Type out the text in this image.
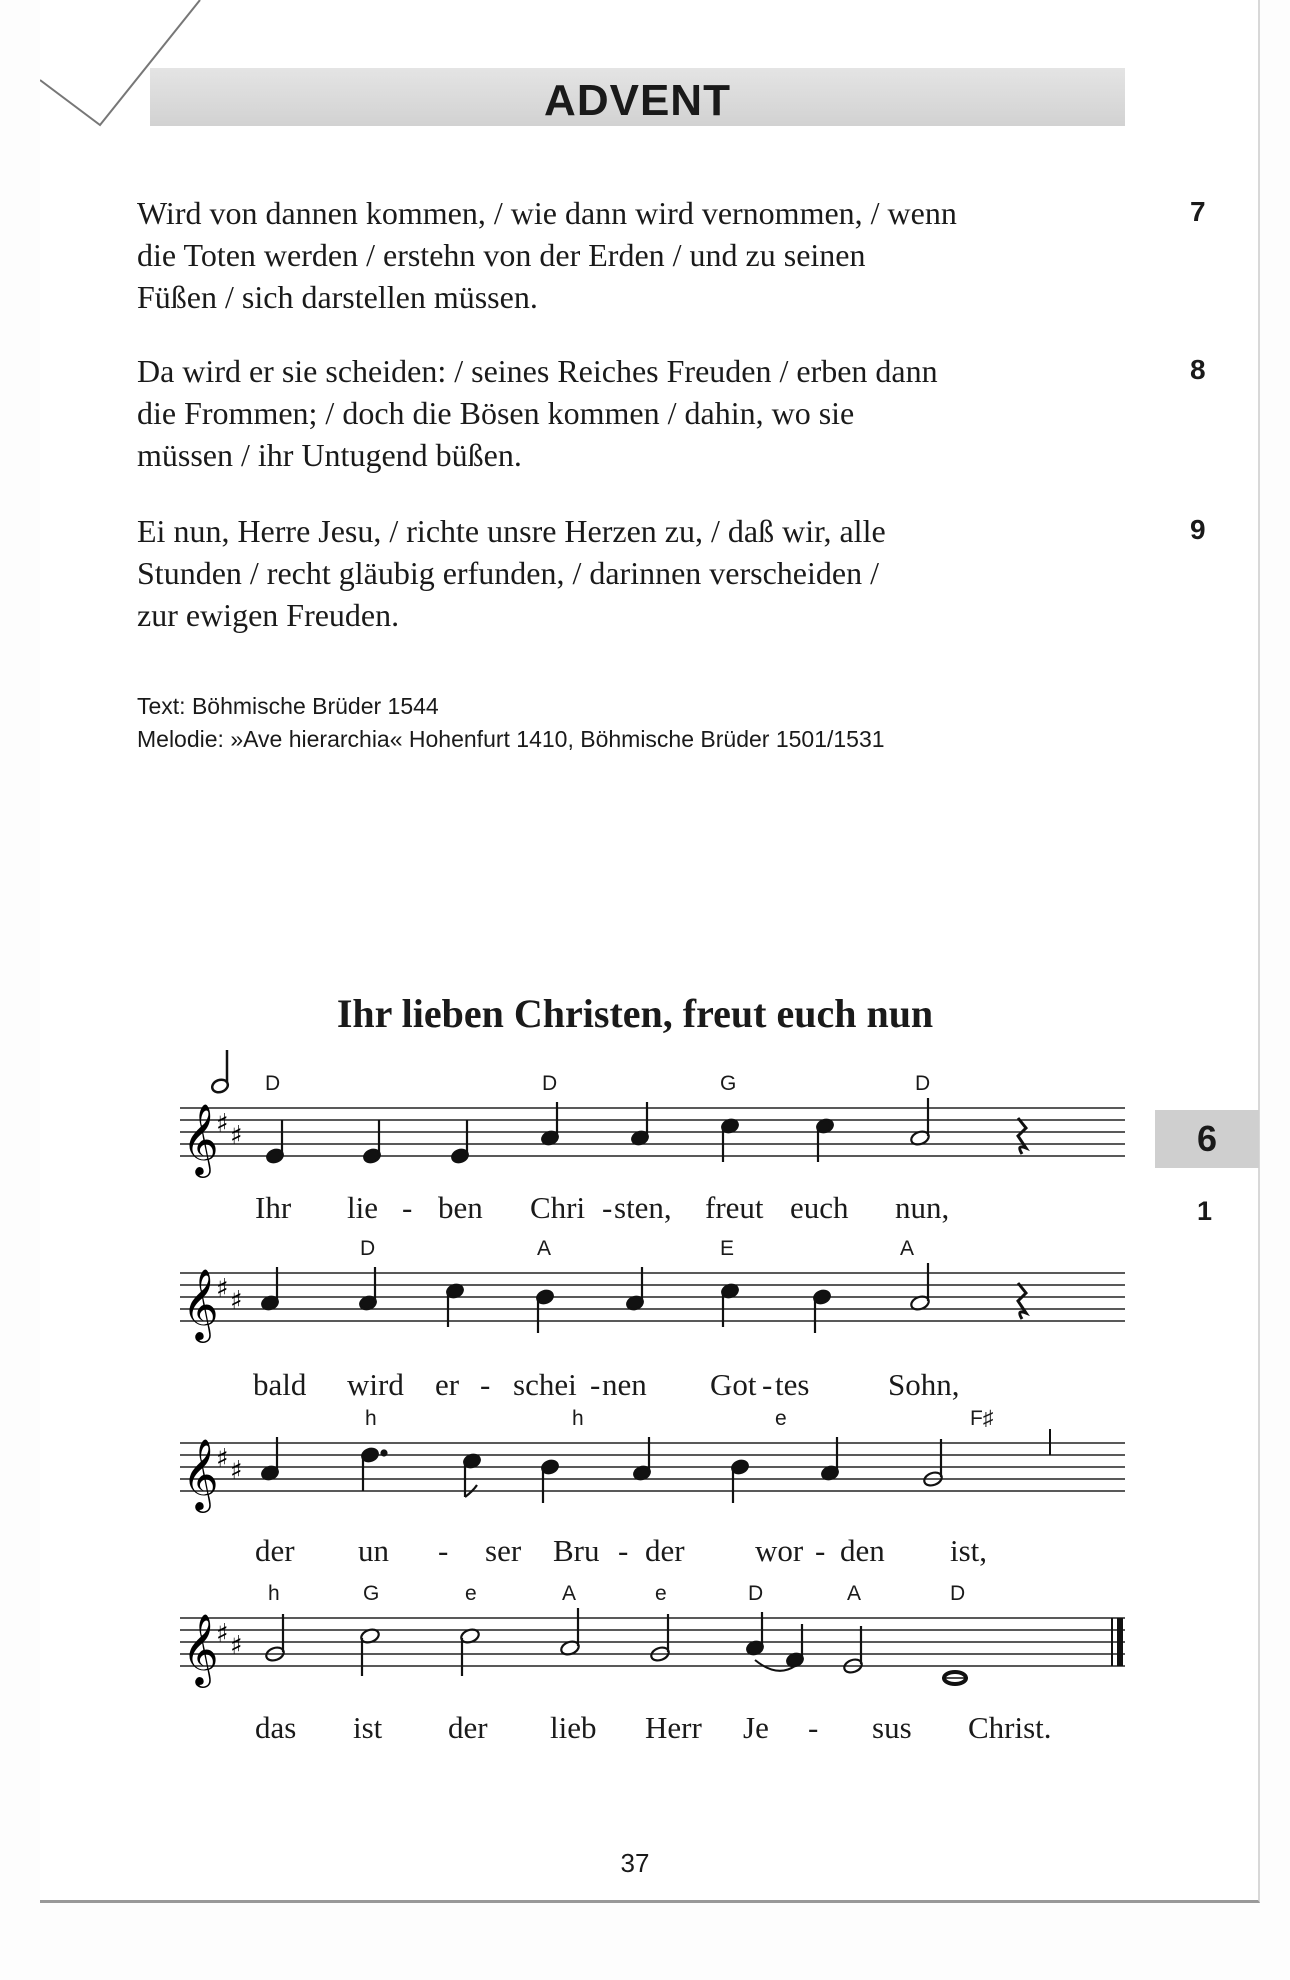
ADVENT
Wird von dannen kommen, / wie dann wird vernommen, / wenn
die Toten werden / erstehn von der Erden / und zu seinen
Füßen / sich darstellen müssen.
7
Da wird er sie scheiden: / seines Reiches Freuden / erben dann
die Frommen; / doch die Bösen kommen / dahin, wo sie
müssen / ihr Untugend büßen.
8
Ei nun, Herre Jesu, / richte unsre Herzen zu, / daß wir, alle
Stunden / recht gläubig erfunden, / darinnen verscheiden /
zur ewigen Freuden.
9
Text: Böhmische Brüder 1544
Melodie: »Ave hierarchia« Hohenfurt 1410, Böhmische Brüder 1501/1531
Ihr lieben Christen, freut euch nun
6
1
𝄞
♯ ♯
D	D	G	D
Ihr lie - ben Chri - sten, freut euch nun,
𝄞
♯ ♯
D	A	E	A
bald wird er - schei - nen Got - tes	Sohn,
𝄞
♯ ♯
h	h	e	F♯
der un - ser Bru - der wor - den ist,
𝄞
♯ ♯
h	G	e	A	e	D	A	D
das ist der lieb Herr Je - sus Christ.
37
